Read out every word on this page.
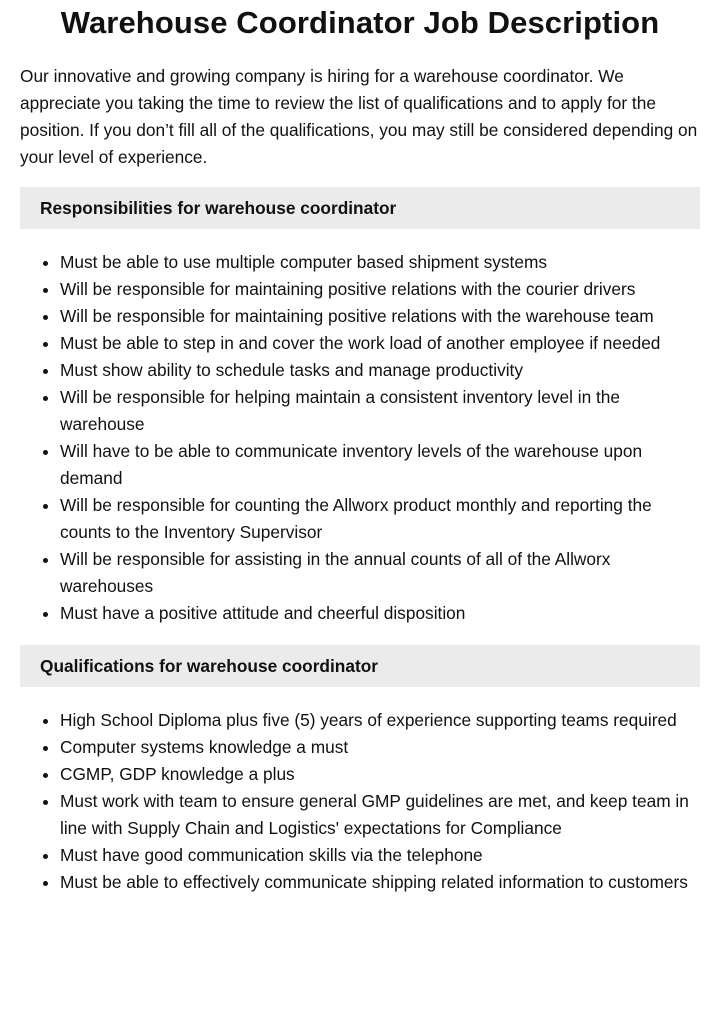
Warehouse Coordinator Job Description

Our innovative and growing company is hiring for a warehouse coordinator. We appreciate you taking the time to review the list of qualifications and to apply for the position. If you don’t fill all of the qualifications, you may still be considered depending on your level of experience.

Responsibilities for warehouse coordinator
• Must be able to use multiple computer based shipment systems
• Will be responsible for maintaining positive relations with the courier drivers
• Will be responsible for maintaining positive relations with the warehouse team
• Must be able to step in and cover the work load of another employee if needed
• Must show ability to schedule tasks and manage productivity
• Will be responsible for helping maintain a consistent inventory level in the warehouse
• Will have to be able to communicate inventory levels of the warehouse upon demand
• Will be responsible for counting the Allworx product monthly and reporting the counts to the Inventory Supervisor
• Will be responsible for assisting in the annual counts of all of the Allworx warehouses
• Must have a positive attitude and cheerful disposition
Qualifications for warehouse coordinator
• High School Diploma plus five (5) years of experience supporting teams required
• Computer systems knowledge a must
• CGMP, GDP knowledge a plus
• Must work with team to ensure general GMP guidelines are met, and keep team in line with Supply Chain and Logistics' expectations for Compliance
• Must have good communication skills via the telephone
• Must be able to effectively communicate shipping related information to customers
